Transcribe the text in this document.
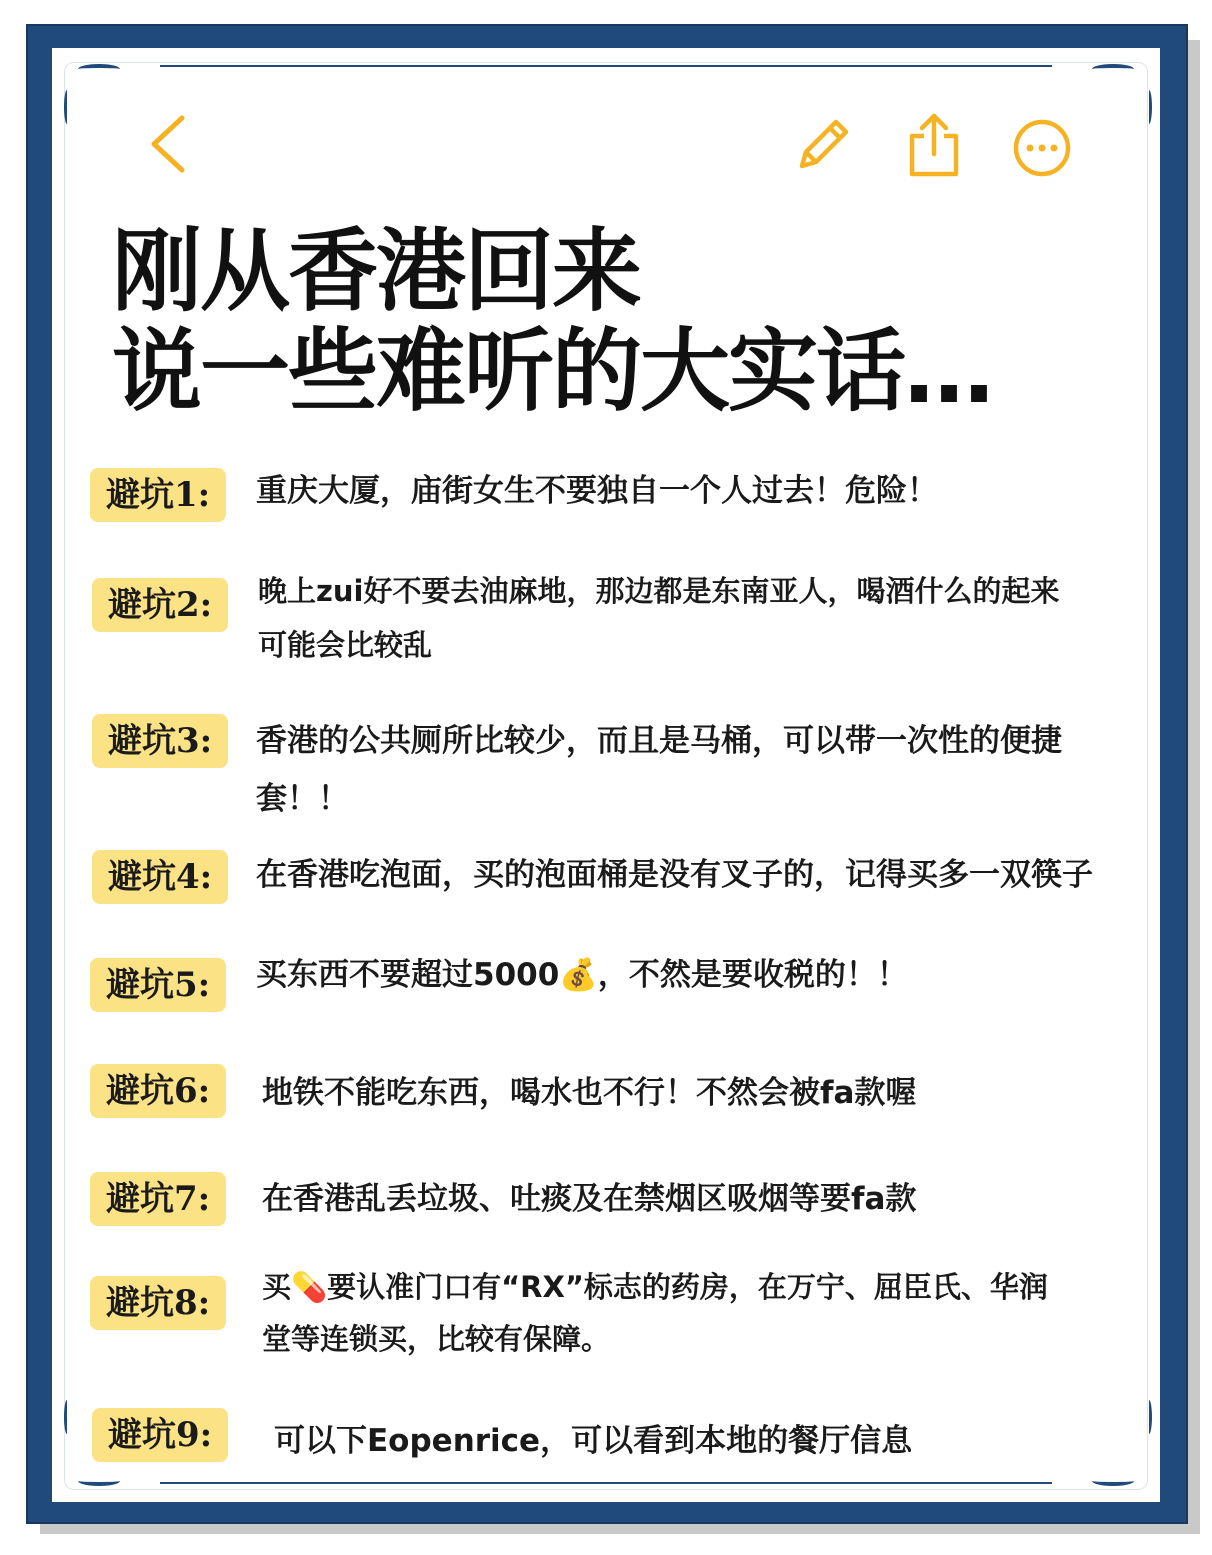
刚从香港回来
说一些难听的大实话…
避坑1:	重庆大厦，庙街女生不要独自一个人过去！危险！
避坑2:	晚上zui好不要去油麻地，那边都是东南亚人，喝酒什么的起来
可能会比较乱
避坑3:	香港的公共厕所比较少，而且是马桶，可以带一次性的便捷
套！！
避坑4:	在香港吃泡面，买的泡面桶是没有叉子的，记得买多一双筷子
避坑5:	买东西不要超过5000💰，不然是要收税的！！
避坑6:	地铁不能吃东西，喝水也不行！不然会被fa款喔
避坑7:	在香港乱丢垃圾、吐痰及在禁烟区吸烟等要fa款
避坑8:	买💊要认准门口有“RX”标志的药房，在万宁、屈臣氏、华润
堂等连锁买，比较有保障。
避坑9:	可以下Eopenrice，可以看到本地的餐厅信息
